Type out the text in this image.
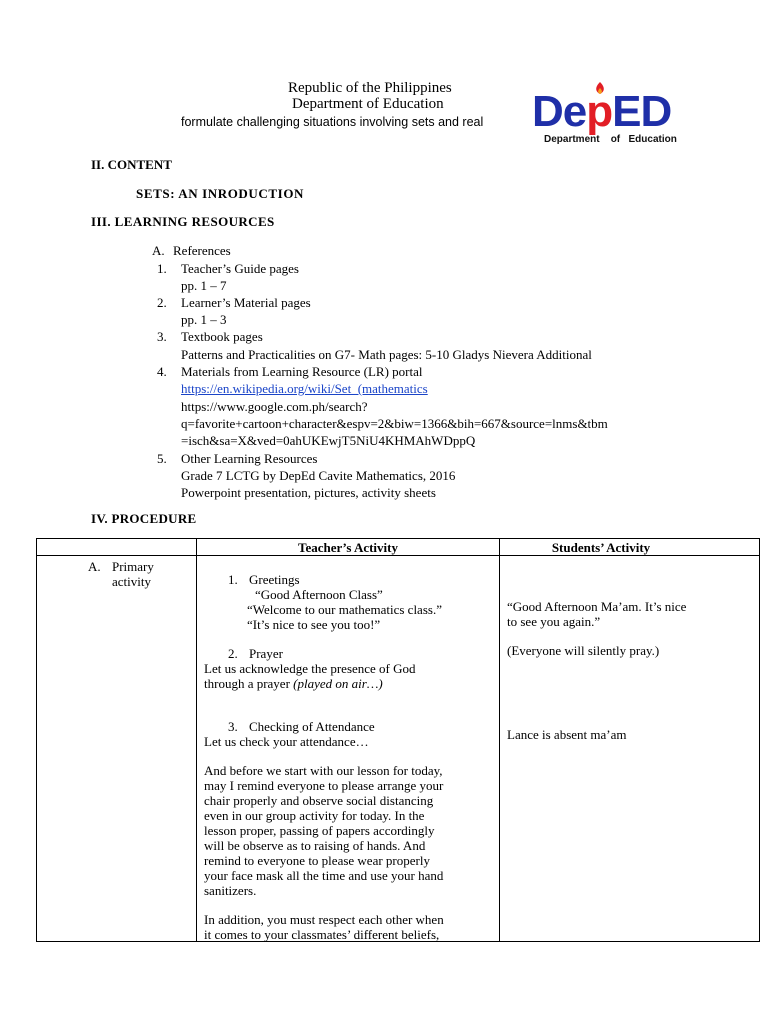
Republic of the Philippines
Department of Education
formulate challenging situations involving sets and real DepED
Department of Education
II. CONTENT
SETS: AN INRODUCTION
III. LEARNING RESOURCES
A. References
1. Teacher’s Guide pages
pp. 1 – 7
2. Learner’s Material pages
pp. 1 – 3
3. Textbook pages
Patterns and Practicalities on G7- Math pages: 5-10 Gladys Nievera Additional
4. Materials from Learning Resource (LR) portal
https://en.wikipedia.org/wiki/Set_(mathematics
https://www.google.com.ph/search?
q=favorite+cartoon+character&espv=2&biw=1366&bih=667&source=lnms&tbm
=isch&sa=X&ved=0ahUKEwjT5NiU4KHMAhWDppQ
5. Other Learning Resources
Grade 7 LCTG by DepEd Cavite Mathematics, 2016
Powerpoint presentation, pictures, activity sheets
IV. PROCEDURE
Teacher’s Activity	Students’ Activity
A. Primary
activity	1. Greetings
“Good Afternoon Class”
“Welcome to our mathematics class.”
“It’s nice to see you too!”
2. Prayer
Let us acknowledge the presence of God
through a prayer (played on air…)
3. Checking of Attendance
Let us check your attendance…
And before we start with our lesson for today,
may I remind everyone to please arrange your
chair properly and observe social distancing
even in our group activity for today. In the
lesson proper, passing of papers accordingly
will be observe as to raising of hands. And
remind to everyone to please wear properly
your face mask all the time and use your hand
sanitizers.
In addition, you must respect each other when
it comes to your classmates’ different beliefs,
“Good Afternoon Ma’am. It’s nice
to see you again.”
(Everyone will silently pray.)
Lance is absent ma’am
